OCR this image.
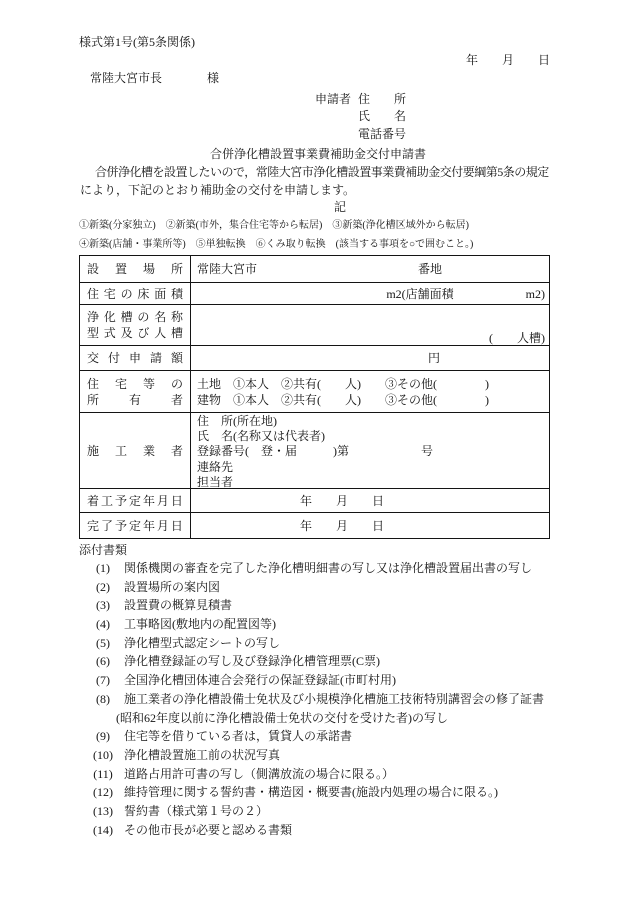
様式第1号(第5条関係)
年　　月　　日
常陸大宮市長	様
申請者 住　　所
氏　　名
電話番号
合併浄化槽設置事業費補助金交付申請書
合併浄化槽を設置したいので，常陸大宮市浄化槽設置事業費補助金交付要綱第5条の規定
により，下記のとおり補助金の交付を申請します。
記
①新築(分家独立)　②新築(市外，集合住宅等から転居)　③新築(浄化槽区域外から転居)
④新築(店舗・事業所等)　⑤単独転換　⑥くみ取り転換　(該当する事項を○で囲むこと。)
設 置 場 所 常陸大宮市	番地
住 宅 の 床 面 積	m2(店舗面積　　　　　　m2)
浄 化 槽 の 名 称
型 式 及 び 人 槽	(　　人槽)
交 付 申 請 額	円
住 宅 等 の
所 有 者
土地　①本人　②共有(　　人)　　③その他(　　　　)
建物　①本人　②共有(　　人)　　③その他(　　　　)
施 工 業 者
住　所(所在地)
氏　名(名称又は代表者)
登録番号(　登・届　　　)第　　　　　　号
連絡先
担当者
着 工 予 定 年 月 日	年　　月　　日
完 了 予 定 年 月 日	年　　月　　日
添付書類
(1)	関係機関の審査を完了した浄化槽明細書の写し又は浄化槽設置届出書の写し
(2)	設置場所の案内図
(3)	設置費の概算見積書
(4)	工事略図(敷地内の配置図等)
(5)	浄化槽型式認定シートの写し
(6)	浄化槽登録証の写し及び登録浄化槽管理票(C票)
(7)	全国浄化槽団体連合会発行の保証登録証(市町村用)
(8)	施工業者の浄化槽設備士免状及び小規模浄化槽施工技術特別講習会の修了証書
(昭和62年度以前に浄化槽設備士免状の交付を受けた者)の写し
(9)	住宅等を借りている者は，賃貸人の承諾書
(10) 浄化槽設置施工前の状況写真
(11) 道路占用許可書の写し（側溝放流の場合に限る。）
(12) 維持管理に関する誓約書・構造図・概要書(施設内処理の場合に限る。)
(13) 誓約書（様式第１号の２）
(14) その他市長が必要と認める書類
